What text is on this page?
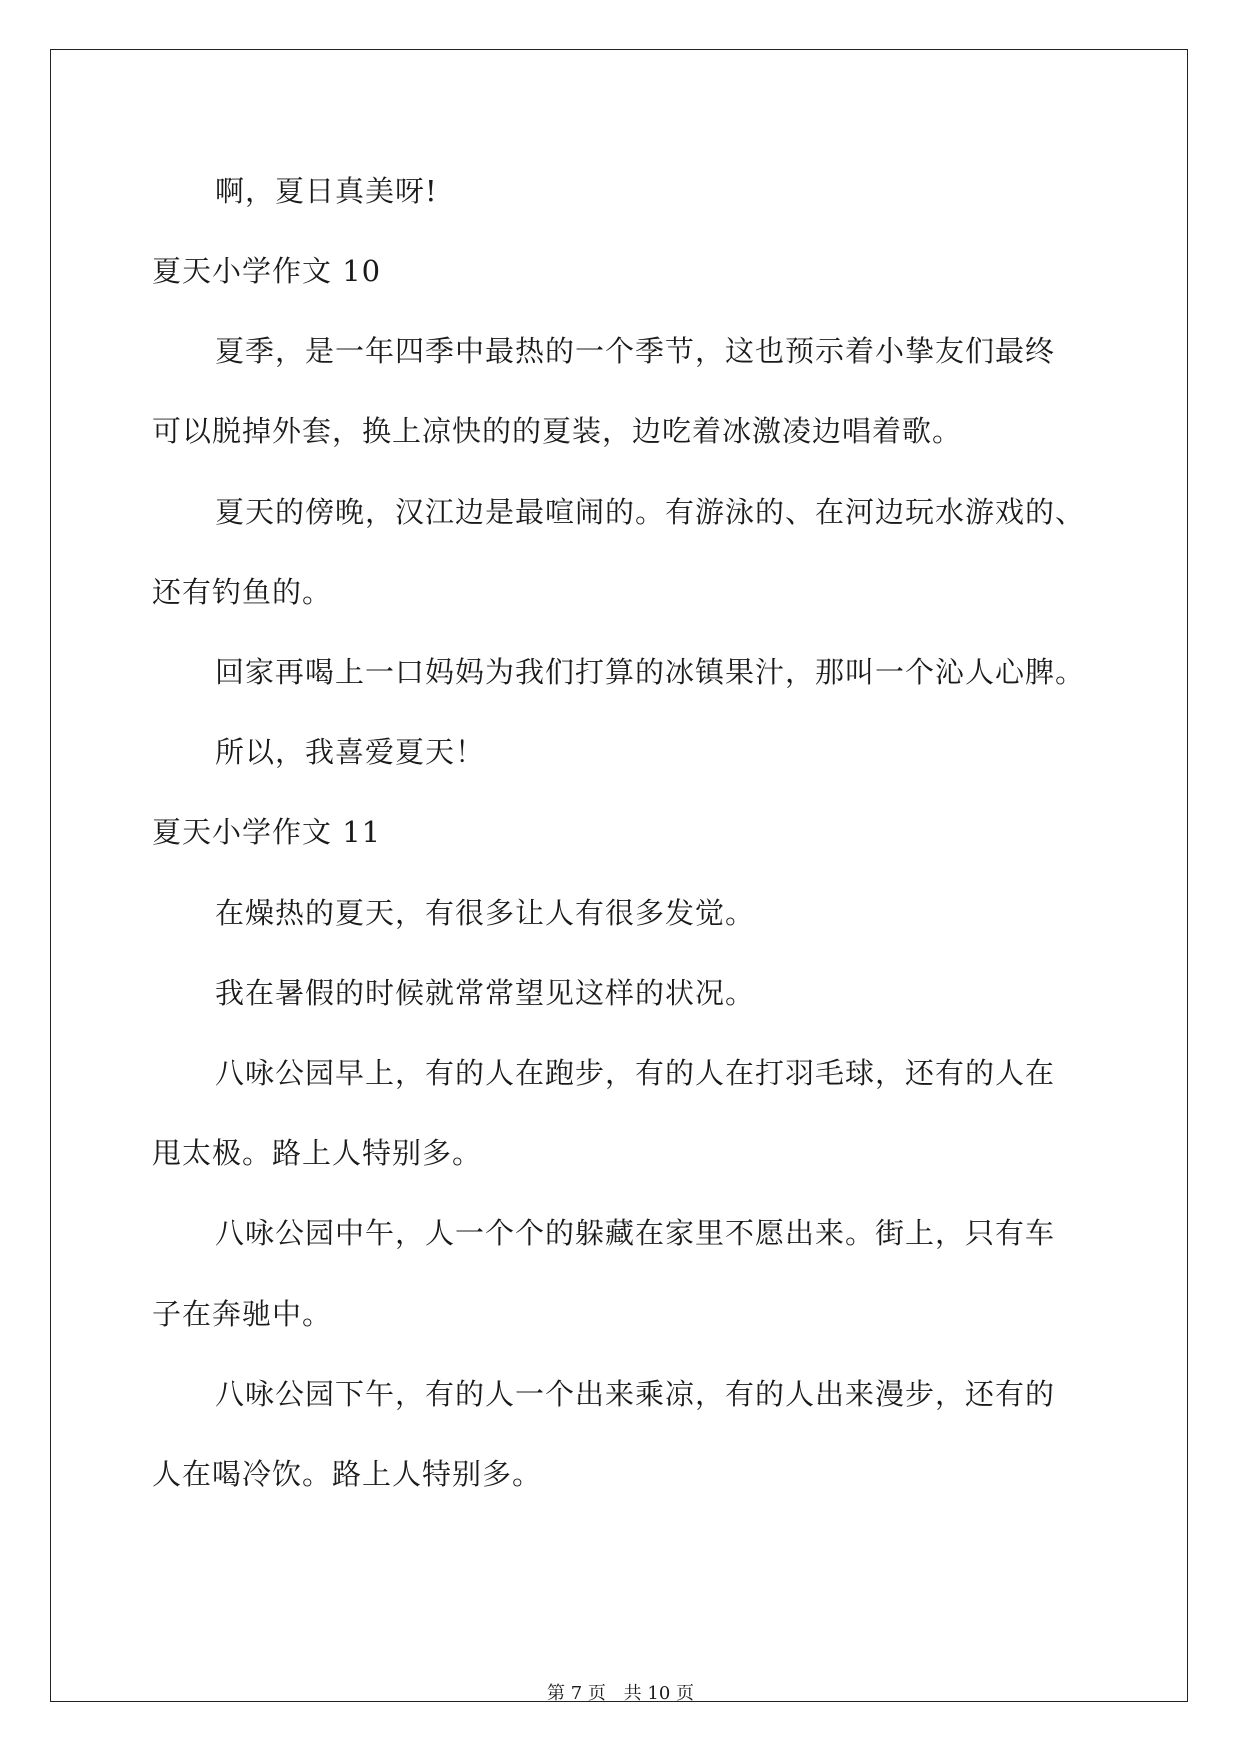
啊，夏日真美呀!
夏天小学作文 10
夏季，是一年四季中最热的一个季节，这也预示着小挚友们最终
可以脱掉外套，换上凉快的的夏装，边吃着冰激凌边唱着歌。
夏天的傍晚，汉江边是最喧闹的。有游泳的、在河边玩水游戏的、
还有钓鱼的。
回家再喝上一口妈妈为我们打算的冰镇果汁，那叫一个沁人心脾。
所以，我喜爱夏天！
夏天小学作文 11
在燥热的夏天，有很多让人有很多发觉。
我在暑假的时候就常常望见这样的状况。
八咏公园早上，有的人在跑步，有的人在打羽毛球，还有的人在
甩太极。路上人特别多。
八咏公园中午，人一个个的躲藏在家里不愿出来。街上，只有车
子在奔驰中。
八咏公园下午，有的人一个出来乘凉，有的人出来漫步，还有的
人在喝冷饮。路上人特别多。
第 7 页 共 10 页
